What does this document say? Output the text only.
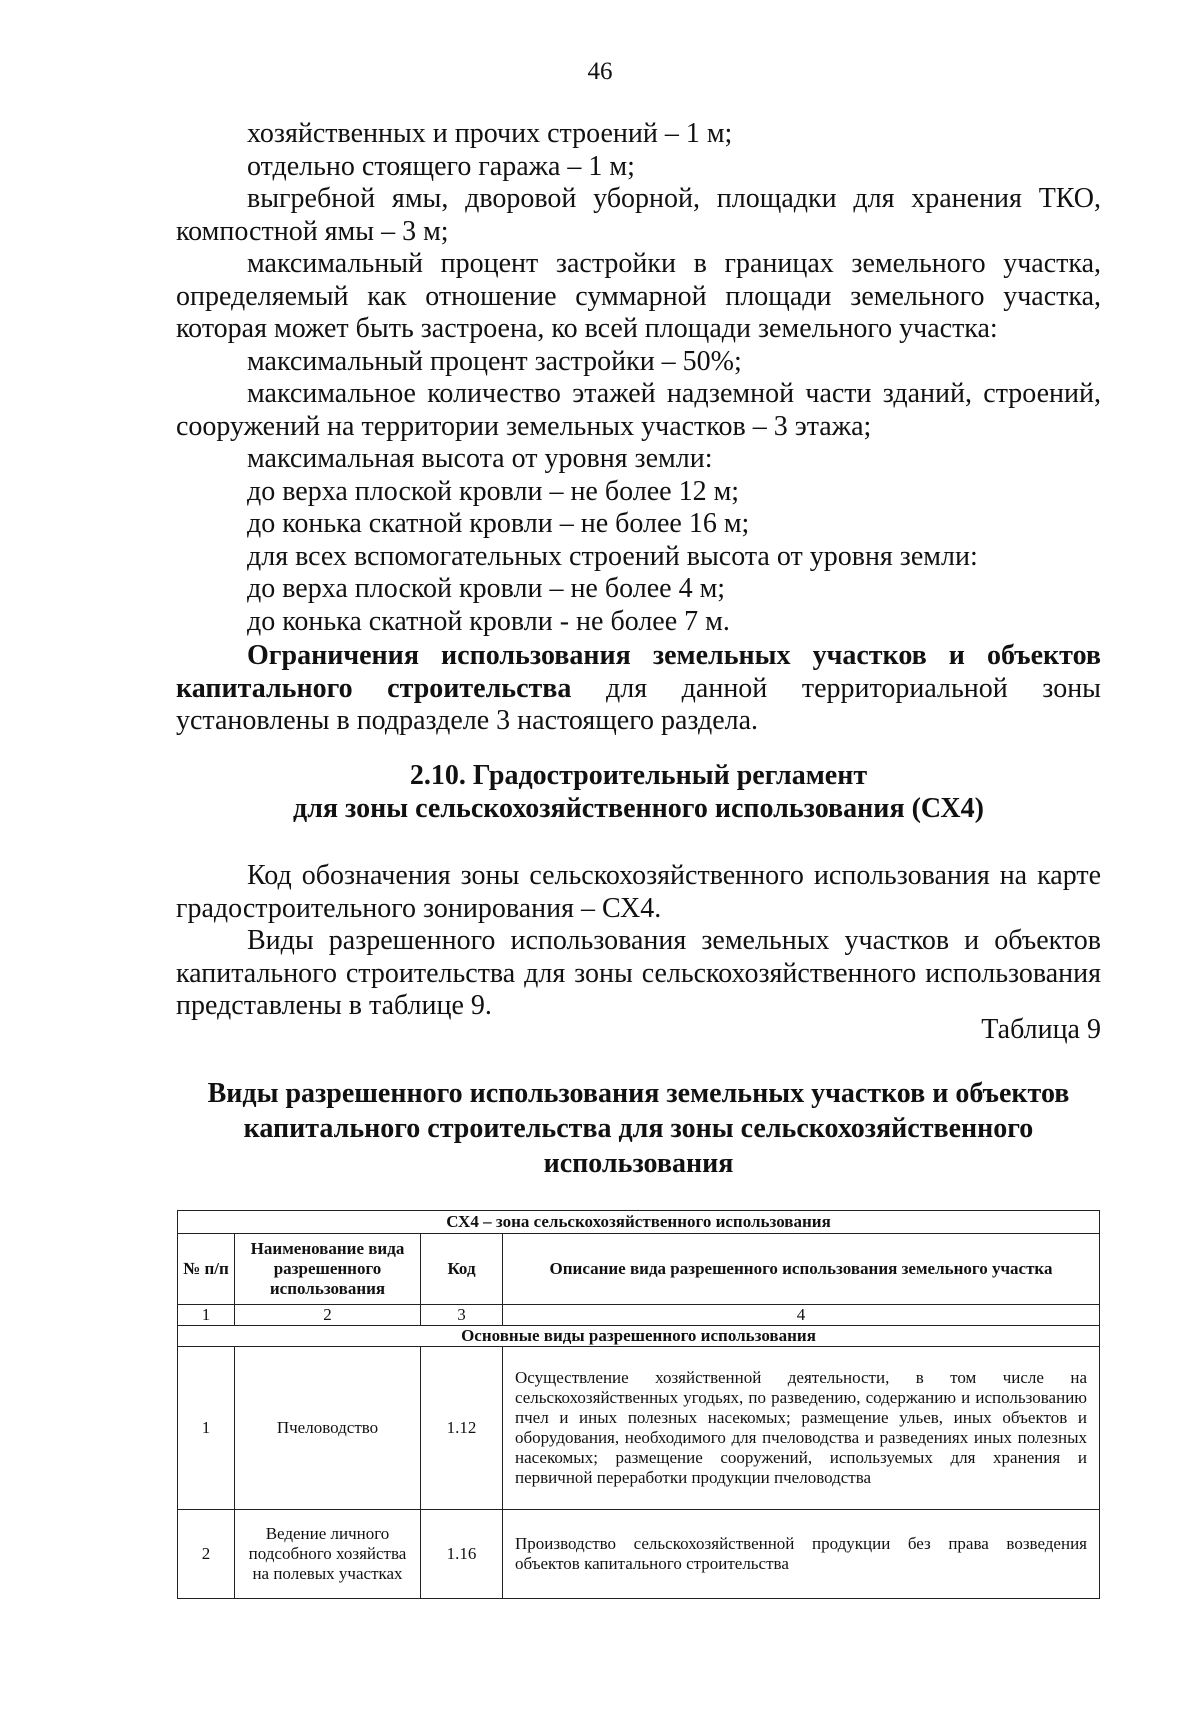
46

хозяйственных и прочих строений – 1 м;

отдельно стоящего гаража – 1 м;

выгребной ямы, дворовой уборной, площадки для хранения ТКО, компостной ямы – 3 м;

максимальный процент застройки в границах земельного участка, определяемый как отношение суммарной площади земельного участка, которая может быть застроена, ко всей площади земельного участка:

максимальный процент застройки – 50%;

максимальное количество этажей надземной части зданий, строений, сооружений на территории земельных участков – 3 этажа;

максимальная высота от уровня земли:

до верха плоской кровли – не более 12 м;

до конька скатной кровли – не более 16 м;

для всех вспомогательных строений высота от уровня земли:

до верха плоской кровли – не более 4 м;

до конька скатной кровли - не более 7 м.

Ограничения использования земельных участков и объектов капитального строительства для данной территориальной зоны установлены в подразделе 3 настоящего раздела.

2.10. Градостроительный регламент
для зоны сельскохозяйственного использования (СХ4)

Код обозначения зоны сельскохозяйственного использования на карте градостроительного зонирования – СХ4.

Виды разрешенного использования земельных участков и объектов капитального строительства для зоны сельскохозяйственного использования представлены в таблице 9.

Таблица 9
Виды разрешенного использования земельных участков и объектов
капитального строительства для зоны сельскохозяйственного
использования
СХ4 – зона сельскохозяйственного использования			
№ п/п	Наименование вида разрешенного использования	Код	Описание вида разрешенного использования земельного участка
1	2	3	4
Основные виды разрешенного использования			
1	Пчеловодство	1.12	Осуществление хозяйственной деятельности, в том числе на сельскохозяйственных угодьях, по разведению, содержанию и использованию пчел и иных полезных насекомых; размещение ульев, иных объектов и оборудования, необходимого для пчеловодства и разведениях иных полезных насекомых; размещение сооружений, используемых для хранения и первичной переработки продукции пчеловодства
2	Ведение личного подсобного хозяйства на полевых участках	1.16	Производство сельскохозяйственной продукции без права возведения объектов капитального строительства
